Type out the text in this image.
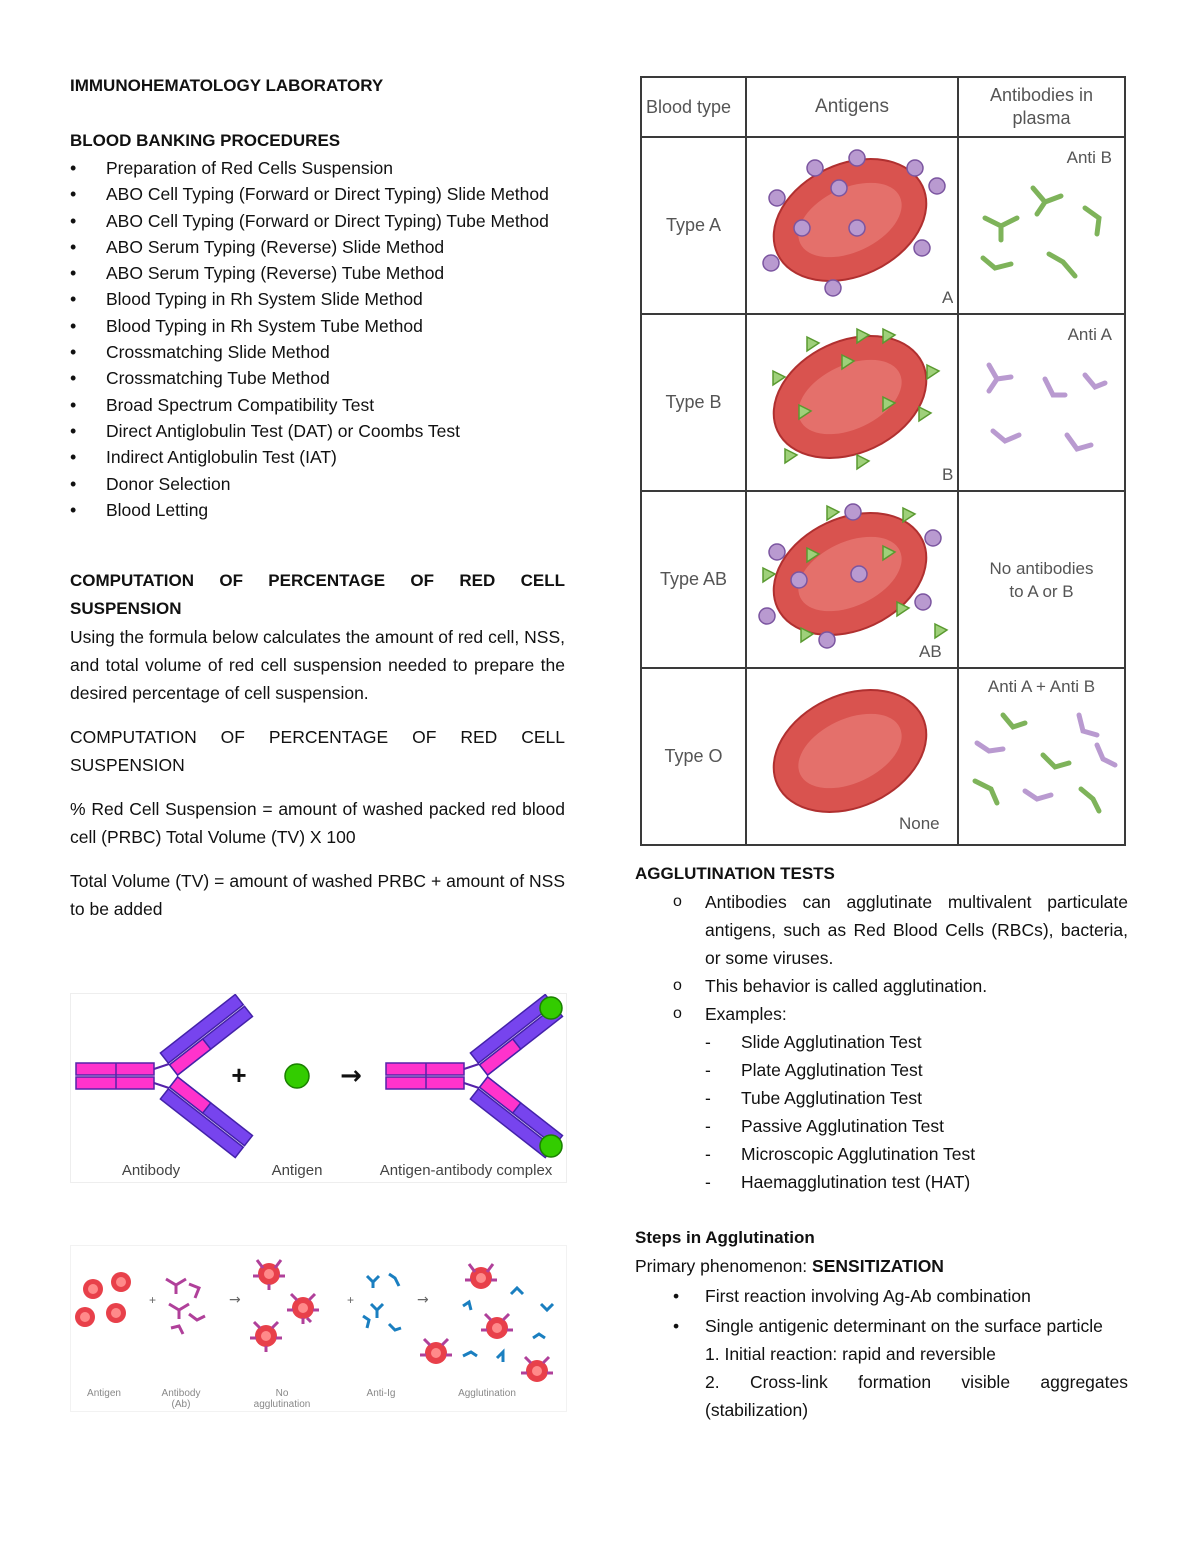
IMMUNOHEMATOLOGY LABORATORY

BLOOD BANKING PROCEDURES

• Preparation of Red Cells Suspension
• ABO Cell Typing (Forward or Direct Typing) Slide Method
• ABO Cell Typing (Forward or Direct Typing) Tube Method
• ABO Serum Typing (Reverse) Slide Method
• ABO Serum Typing (Reverse) Tube Method
• Blood Typing in Rh System Slide Method
• Blood Typing in Rh System Tube Method
• Crossmatching Slide Method
• Crossmatching Tube Method
• Broad Spectrum Compatibility Test
• Direct Antiglobulin Test (DAT) or Coombs Test
• Indirect Antiglobulin Test (IAT)
• Donor Selection
• Blood Letting
COMPUTATION OF PERCENTAGE OF RED CELL
SUSPENSION

Using the formula below calculates the amount of red cell, NSS, and total volume of red cell suspension needed to prepare the desired percentage of cell suspension.

COMPUTATION OF PERCENTAGE OF RED CELL
SUSPENSION

% Red Cell Suspension = amount of washed packed red blood cell (PRBC) Total Volume (TV) X 100

Total Volume (TV) = amount of washed PRBC + amount of NSS to be added

+	→
Antibody	Antigen	Antigen-antibody complex
+	→	+	→
Antigen	Antibody
(Ab)
No
agglutination
Anti-Ig	Agglutination
Blood type	Antigens	Antibodies in plasma
Type A	A	Anti B

Type B	B	Anti A

Type AB	AB	No antibodies to A or B
Type O	None	Anti A + Anti B

AGGLUTINATION TESTS

o Antibodies can agglutinate multivalent particulate antigens, such as Red Blood Cells (RBCs), bacteria, or some viruses.
o This behavior is called agglutination.
o Examples:
- Slide Agglutination Test
- Plate Agglutination Test
- Tube Agglutination Test
- Passive Agglutination Test
- Microscopic Agglutination Test
- Haemagglutination test (HAT)

Steps in Agglutination

Primary phenomenon: SENSITIZATION

• First reaction involving Ag-Ab combination
• Single antigenic determinant on the surface particle
1. Initial reaction: rapid and reversible
2. Cross-link formation visible aggregates
(stabilization)
